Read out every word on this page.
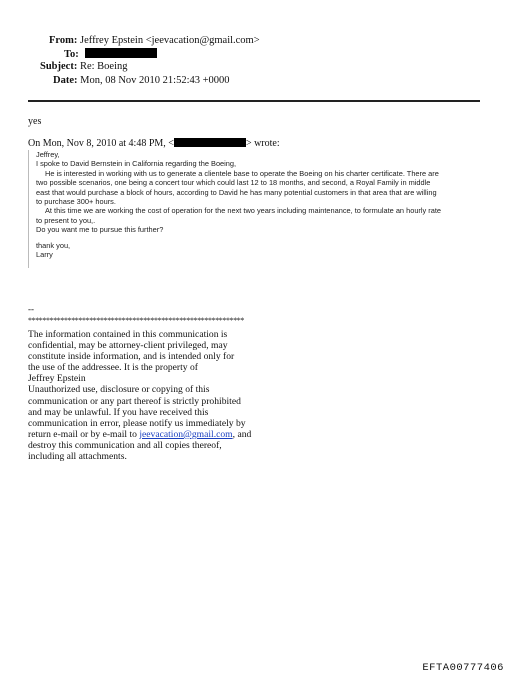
From: Jeffrey Epstein <jeevacation@gmail.com>
To:
Subject: Re: Boeing
Date: Mon, 08 Nov 2010 21:52:43 +0000
yes
On Mon, Nov 8, 2010 at 4:48 PM, <	> wrote:
Jeffrey,
I spoke to David Bernstein in California regarding the Boeing,
He is interested in working with us to generate a clientele base to operate the Boeing on his charter certificate. There are
two possible scenarios, one being a concert tour which could last 12 to 18 months, and second, a Royal Family in middle
east that would purchase a block of hours, according to David he has many potential customers in that area that are willing
to purchase 300+ hours.
At this time we are working the cost of operation for the next two years including maintenance, to formulate an hourly rate
to present to you,.
Do you want me to pursue this further?
thank you,
Larry
--
************************************************************
The information contained in this communication is
confidential, may be attorney-client privileged, may
constitute inside information, and is intended only for
the use of the addressee. It is the property of
Jeffrey Epstein
Unauthorized use, disclosure or copying of this
communication or any part thereof is strictly prohibited
and may be unlawful. If you have received this
communication in error, please notify us immediately by
return e-mail or by e-mail to jeevacation@gmail.com, and
destroy this communication and all copies thereof,
including all attachments.
EFTA00777406
